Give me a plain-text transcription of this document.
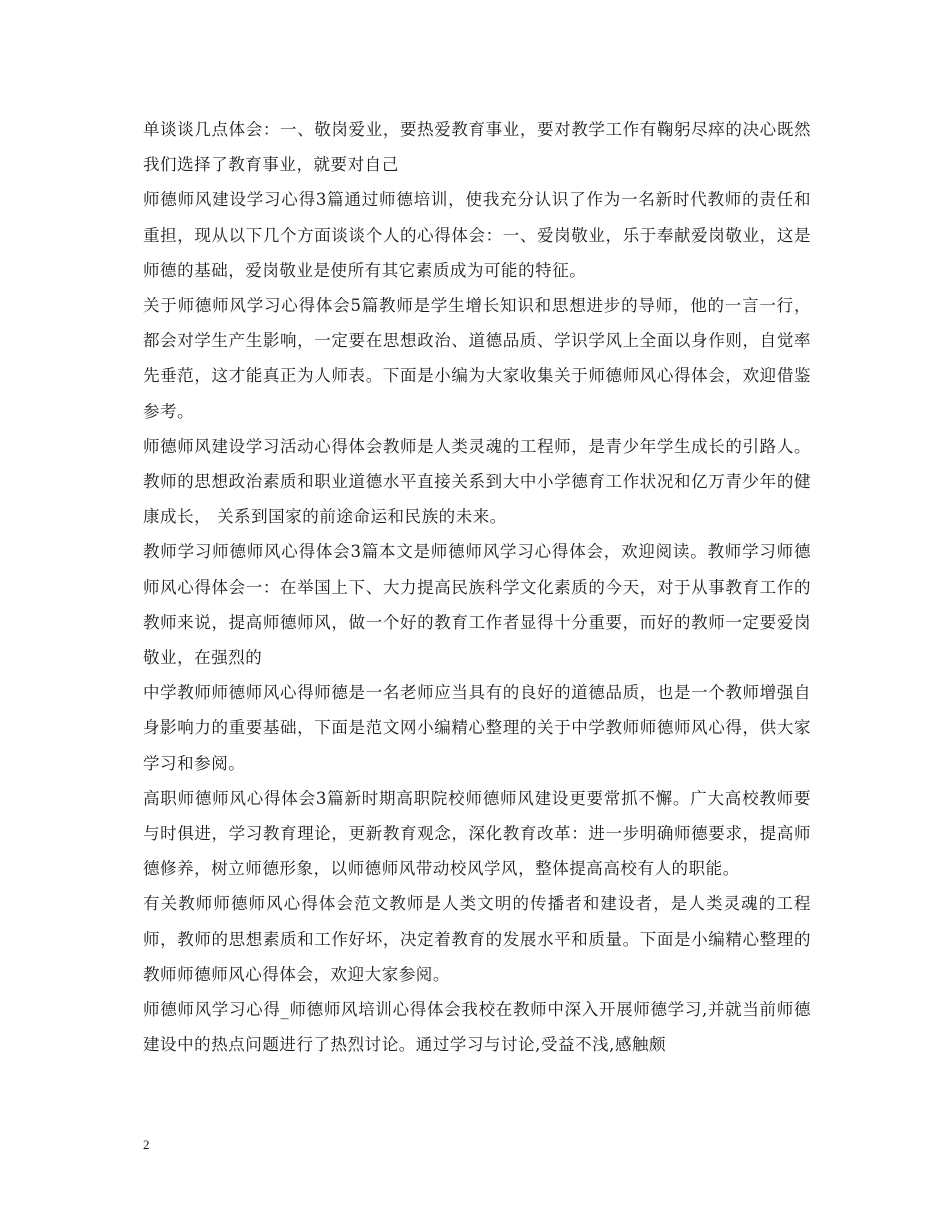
单谈谈几点体会：一、敬岗爱业，要热爱教育事业，要对教学工作有鞠躬尽瘁的决心既然我们选择了教育事业，就要对自己

师德师风建设学习心得3篇通过师德培训，使我充分认识了作为一名新时代教师的责任和重担，现从以下几个方面谈谈个人的心得体会：一、爱岗敬业，乐于奉献爱岗敬业，这是师德的基础，爱岗敬业是使所有其它素质成为可能的特征。

关于师德师风学习心得体会5篇教师是学生增长知识和思想进步的导师，他的一言一行，都会对学生产生影响，一定要在思想政治、道德品质、学识学风上全面以身作则，自觉率先垂范，这才能真正为人师表。下面是小编为大家收集关于师德师风心得体会，欢迎借鉴参考。

师德师风建设学习活动心得体会教师是人类灵魂的工程师，是青少年学生成长的引路人。教师的思想政治素质和职业道德水平直接关系到大中小学德育工作状况和亿万青少年的健康成长， 关系到国家的前途命运和民族的未来。

教师学习师德师风心得体会3篇本文是师德师风学习心得体会，欢迎阅读。教师学习师德师风心得体会一：在举国上下、大力提高民族科学文化素质的今天，对于从事教育工作的教师来说，提高师德师风，做一个好的教育工作者显得十分重要，而好的教师一定要爱岗敬业，在强烈的

中学教师师德师风心得师德是一名老师应当具有的良好的道德品质，也是一个教师增强自身影响力的重要基础，下面是范文网小编精心整理的关于中学教师师德师风心得，供大家学习和参阅。

高职师德师风心得体会3篇新时期高职院校师德师风建设更要常抓不懈。广大高校教师要与时俱进，学习教育理论，更新教育观念，深化教育改革：进一步明确师德要求，提高师德修养，树立师德形象，以师德师风带动校风学风，整体提高高校有人的职能。

有关教师师德师风心得体会范文教师是人类文明的传播者和建设者，是人类灵魂的工程师，教师的思想素质和工作好坏，决定着教育的发展水平和质量。下面是小编精心整理的教师师德师风心得体会，欢迎大家参阅。

师德师风学习心得_师德师风培训心得体会我校在教师中深入开展师德学习,并就当前师德建设中的热点问题进行了热烈讨论。通过学习与讨论,受益不浅,感触颇

2
